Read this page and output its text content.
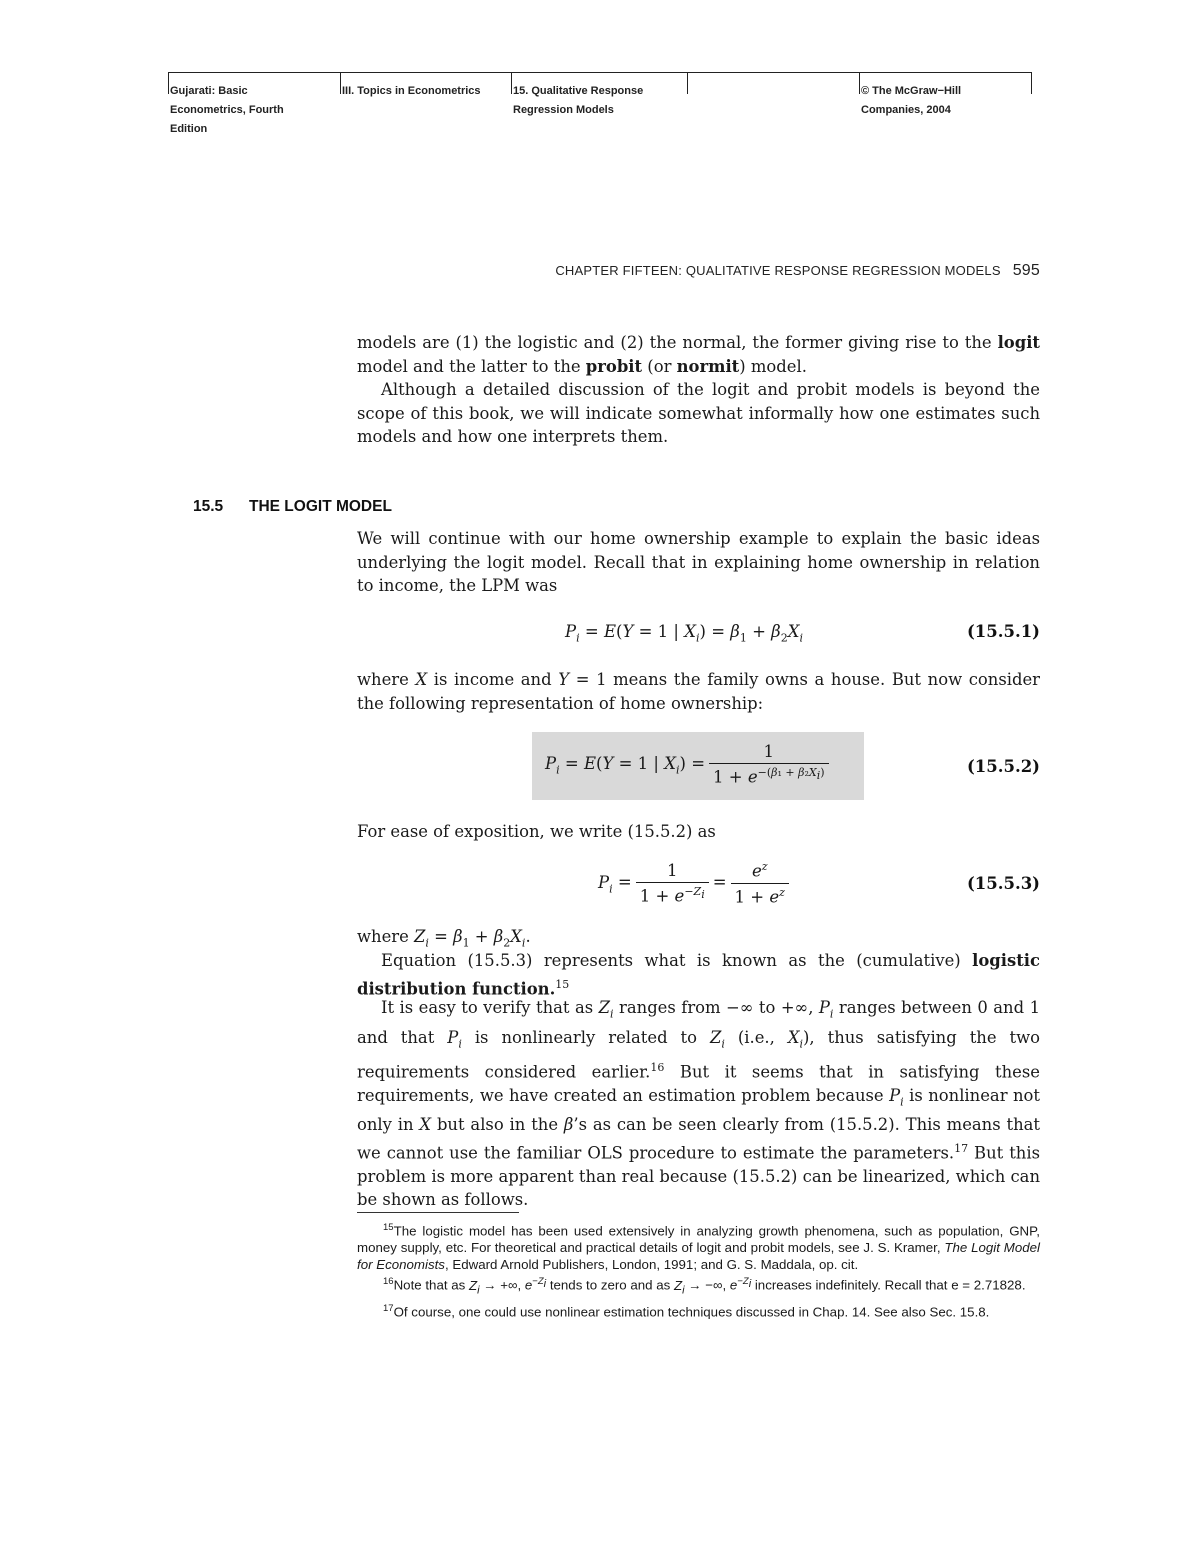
Gujarati: Basic Econometrics, Fourth Edition
III. Topics in Econometrics	15. Qualitative Response Regression Models
© The McGraw−Hill Companies, 2004
CHAPTER FIFTEEN: QUALITATIVE RESPONSE REGRESSION MODELS 595

models are (1) the logistic and (2) the normal, the former giving rise to the logit model and the latter to the probit (or normit) model.

Although a detailed discussion of the logit and probit models is beyond the scope of this book, we will indicate somewhat informally how one estimates such models and how one interprets them.

15.5 THE LOGIT MODEL

We will continue with our home ownership example to explain the basic ideas underlying the logit model. Recall that in explaining home ownership in relation to income, the LPM was

$P_i = E(Y = 1$ | $X_i) = \beta_1 + \beta_2X_i$	(15.5.1)

where X is income and Y = 1 means the family owns a house. But now consider the following representation of home ownership:

$P_i = E(Y = 1$ | $X_i) = \frac{1}{1 + e^{-(\beta_1 + \beta_2X_i)}}$	(15.5.2)

For ease of exposition, we write (15.5.2) as

$P_i = \frac{1}{1 + e^{-Z_i}} = \frac{e^z}{1 + e^z}$	(15.5.3)

where $Z_i = \beta_1 + \beta_2X_i$.

Equation (15.5.3) represents what is known as the (cumulative) logistic distribution function.$^{15}$

It is easy to verify that as $Z_i$ ranges from −∞ to +∞, $P_i$ ranges between 0 and 1 and that $P_i$ is nonlinearly related to $Z_i$ (i.e., $X_i$), thus satisfying the two requirements considered earlier.$^{16}$ But it seems that in satisfying these requirements, we have created an estimation problem because $P_i$ is nonlinear not only in X but also in the β’s as can be seen clearly from (15.5.2). This means that we cannot use the familiar OLS procedure to estimate the parameters.$^{17}$ But this problem is more apparent than real because (15.5.2) can be linearized, which can be shown as follows.

$^{15}$The logistic model has been used extensively in analyzing growth phenomena, such as population, GNP, money supply, etc. For theoretical and practical details of logit and probit models, see J. S. Kramer, The Logit Model for Economists, Edward Arnold Publishers, London, 1991; and G. S. Maddala, op. cit.

$^{16}$Note that as $Z_i$ → +∞, $e^{-Z_i}$ tends to zero and as $Z_i$ → −∞, $e^{-Z_i}$ increases indefinitely. Recall that e = 2.71828.

$^{17}$Of course, one could use nonlinear estimation techniques discussed in Chap. 14. See also Sec. 15.8.
